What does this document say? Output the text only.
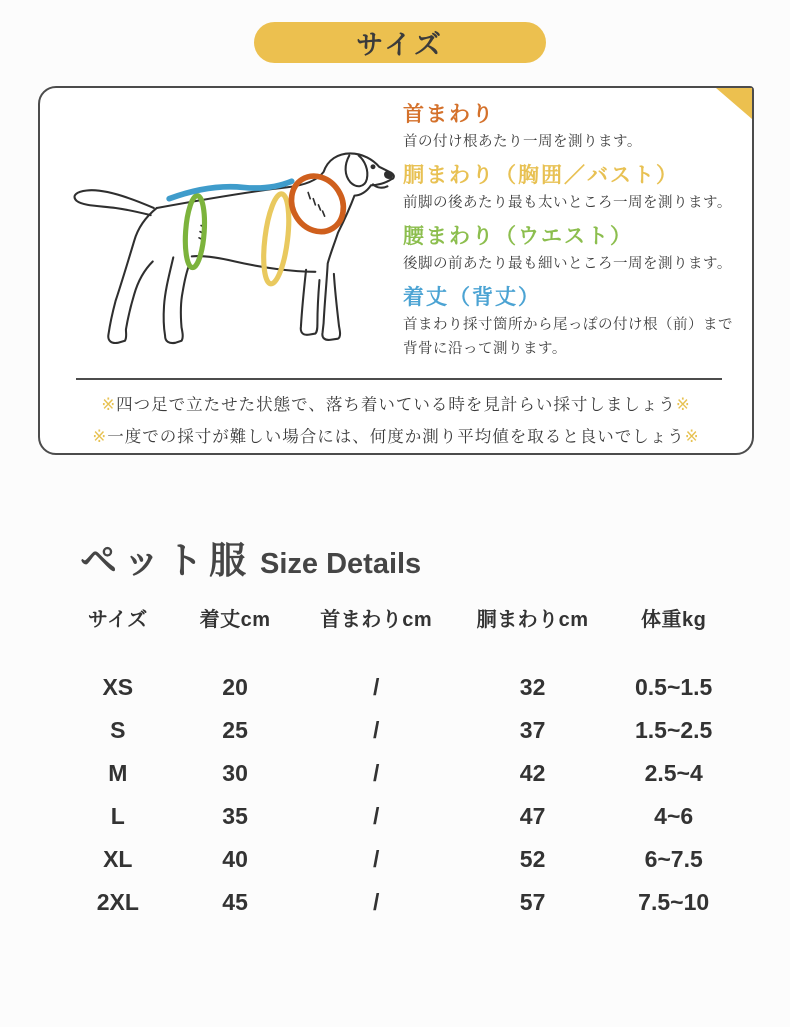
サイズ
首まわり
首の付け根あたり一周を測ります。
胴まわり（胸囲／バスト）
前脚の後あたり最も太いところ一周を測ります。
腰まわり（ウエスト）
後脚の前あたり最も細いところ一周を測ります。
着丈（背丈）
首まわり採寸箇所から尾っぽの付け根（前）まで背骨に沿って測ります。
※四つ足で立たせた状態で、落ち着いている時を見計らい採寸しましょう※
※一度での採寸が難しい場合には、何度か測り平均値を取ると良いでしょう※
ペット服 Size Details
サイズ	着丈cm	首まわりcm	胴まわりcm	体重kg
XS	20	/	32	0.5~1.5
S	25	/	37	1.5~2.5
M	30	/	42	2.5~4
L	35	/	47	4~6
XL	40	/	52	6~7.5
2XL	45	/	57	7.5~10
